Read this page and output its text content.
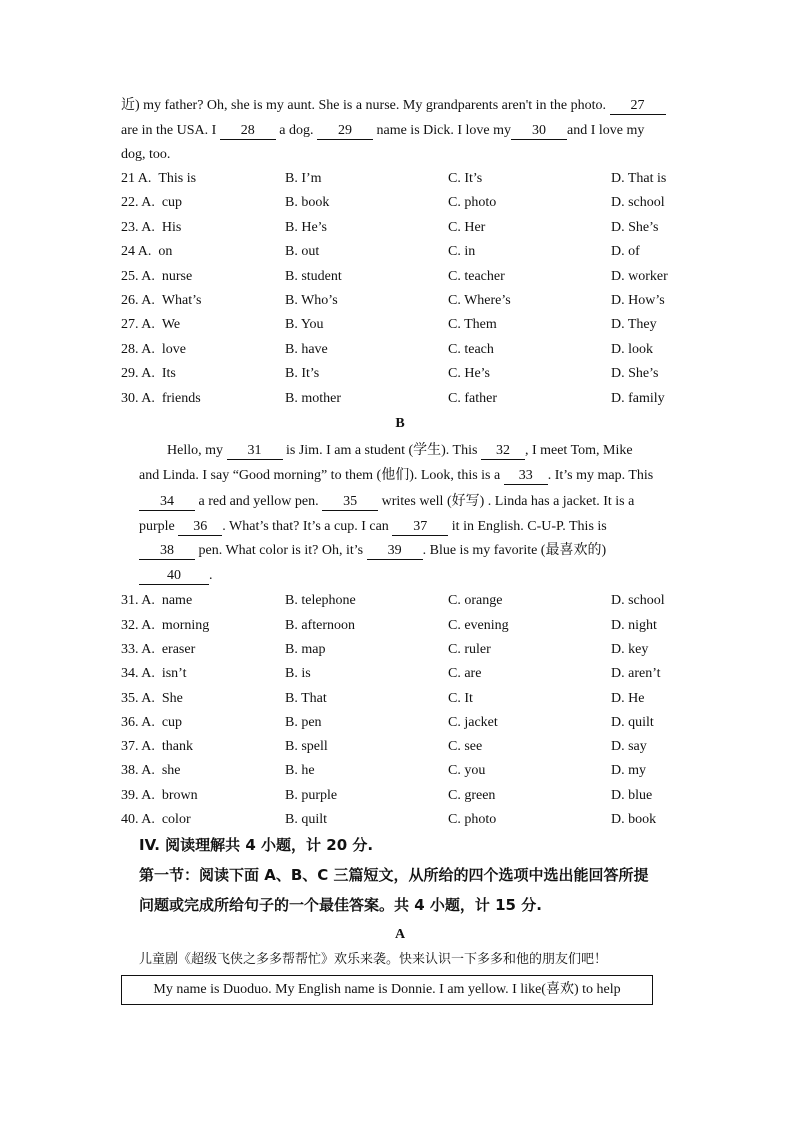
近) my father? Oh, she is my aunt. She is a nurse. My grandparents aren't in the photo. 27
are in the USA. I 28 a dog. 29 name is Dick. I love my 30 and I love my
dog, too.
21 A. This is	B. I’m	C. It’s	D. That is
22. A. cup	B. book	C. photo	D. school
23. A. His	B. He’s	C. Her	D. She’s
24 A. on	B. out	C. in	D. of
25. A. nurse	B. student	C. teacher	D. worker
26. A. What’s	B. Who’s	C. Where’s	D. How’s
27. A. We	B. You	C. Them	D. They
28. A. love	B. have	C. teach	D. look
29. A. Its	B. It’s	C. He’s	D. She’s
30. A. friends	B. mother	C. father	D. family
B
Hello, my 31 is Jim. I am a student (学生). This 32 , I meet Tom, Mike
and Linda. I say “Good morning” to them (他们). Look, this is a 33 . It’s my map. This
34 a red and yellow pen. 35 writes well (好写) . Linda has a jacket. It is a
purple 36 . What’s that? It’s a cup. I can 37 it in English. C-U-P. This is
38 pen. What color is it? Oh, it’s 39 . Blue is my favorite (最喜欢的)
40 .
31. A. name	B. telephone	C. orange	D. school
32. A. morning	B. afternoon	C. evening	D. night
33. A. eraser	B. map	C. ruler	D. key
34. A. isn’t	B. is	C. are	D. aren’t
35. A. She	B. That	C. It	D. He
36. A. cup	B. pen	C. jacket	D. quilt
37. A. thank	B. spell	C. see	D. say
38. A. she	B. he	C. you	D. my
39. A. brown	B. purple	C. green	D. blue
40. A. color	B. quilt	C. photo	D. book
IV. 阅读理解共 4 小题，计 20 分.
第一节：阅读下面 A、B、C 三篇短文，从所给的四个选项中选出能回答所提
问题或完成所给句子的一个最佳答案。共 4 小题，计 15 分.
A
儿童剧《超级飞侠之多多帮帮忙》欢乐来袭。快来认识一下多多和他的朋友们吧！
My name is Duoduo. My English name is Donnie. I am yellow. I like(喜欢) to help
